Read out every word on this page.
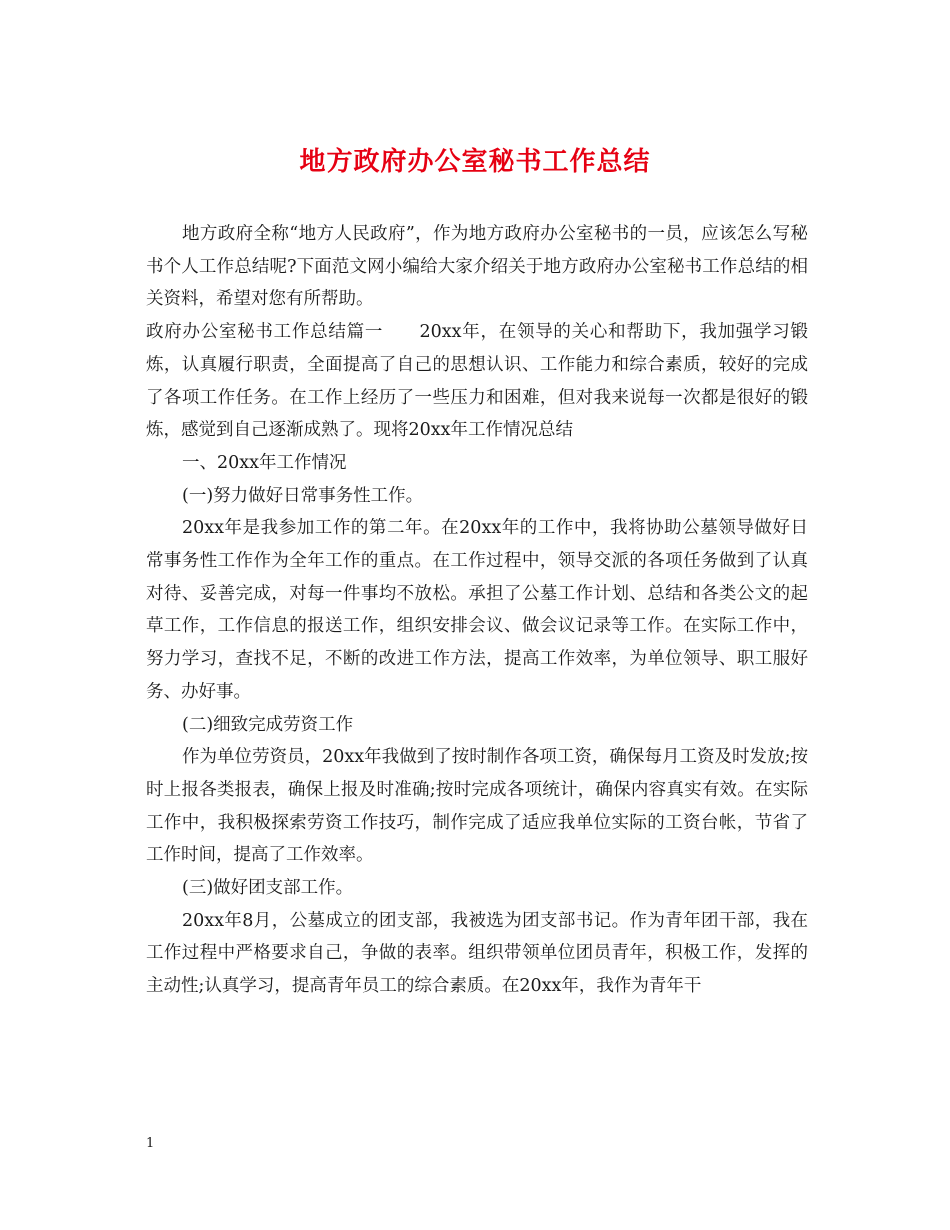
地方政府办公室秘书工作总结

地方政府全称“地方人民政府”，作为地方政府办公室秘书的一员，应该怎么写秘书个人工作总结呢?下面范文网小编给大家介绍关于地方政府办公室秘书工作总结的相关资料，希望对您有所帮助。

政府办公室秘书工作总结篇一　　20xx年，在领导的关心和帮助下，我加强学习锻炼，认真履行职责，全面提高了自己的思想认识、工作能力和综合素质，较好的完成了各项工作任务。在工作上经历了一些压力和困难，但对我来说每一次都是很好的锻炼，感觉到自己逐渐成熟了。现将20xx年工作情况总结

一、20xx年工作情况

(一)努力做好日常事务性工作。

20xx年是我参加工作的第二年。在20xx年的工作中，我将协助公墓领导做好日常事务性工作作为全年工作的重点。在工作过程中，领导交派的各项任务做到了认真对待、妥善完成，对每一件事均不放松。承担了公墓工作计划、总结和各类公文的起草工作，工作信息的报送工作，组织安排会议、做会议记录等工作。在实际工作中，努力学习，查找不足，不断的改进工作方法，提高工作效率，为单位领导、职工服好务、办好事。

(二)细致完成劳资工作

作为单位劳资员，20xx年我做到了按时制作各项工资，确保每月工资及时发放;按时上报各类报表，确保上报及时准确;按时完成各项统计，确保内容真实有效。在实际工作中，我积极探索劳资工作技巧，制作完成了适应我单位实际的工资台帐，节省了工作时间，提高了工作效率。

(三)做好团支部工作。

20xx年8月，公墓成立的团支部，我被选为团支部书记。作为青年团干部，我在工作过程中严格要求自己，争做的表率。组织带领单位团员青年，积极工作，发挥的主动性;认真学习，提高青年员工的综合素质。在20xx年，我作为青年干

1
